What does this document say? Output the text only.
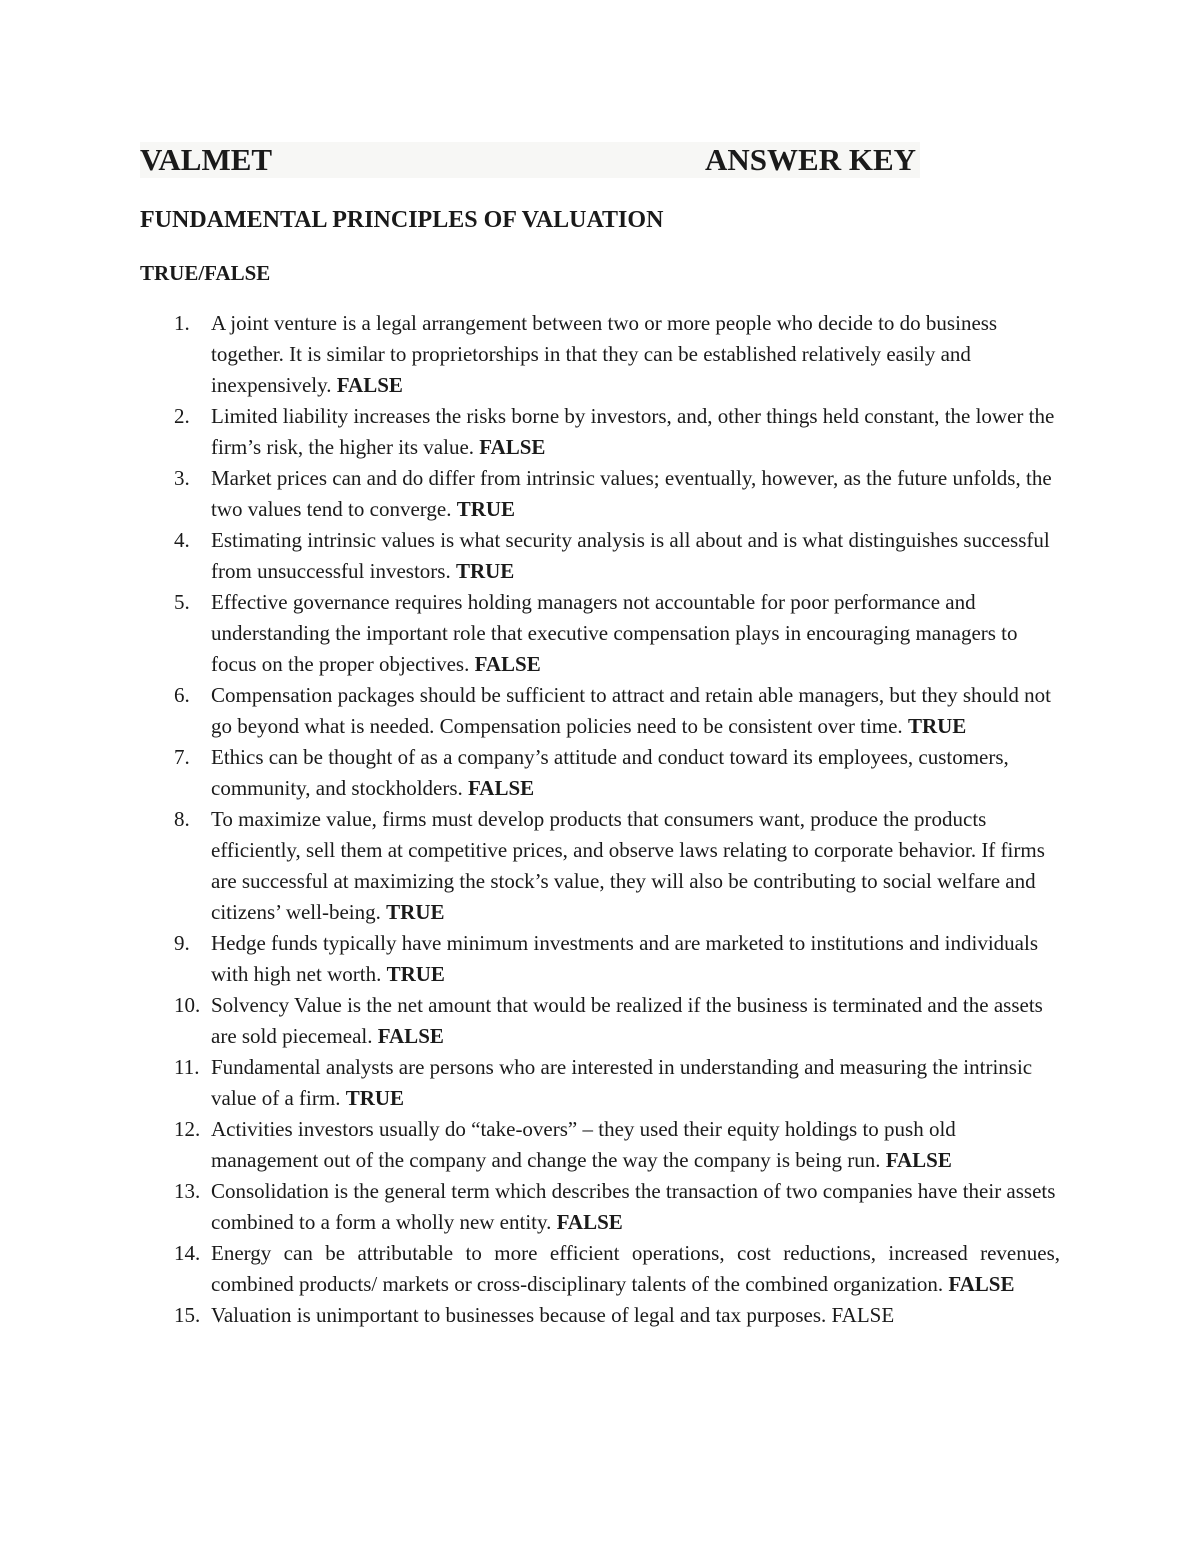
VALMET	ANSWER KEY
FUNDAMENTAL PRINCIPLES OF VALUATION
TRUE/FALSE
1.	A joint venture is a legal arrangement between two or more people who decide to do business together. It is similar to proprietorships in that they can be established relatively easily and inexpensively. FALSE
2.	Limited liability increases the risks borne by investors, and, other things held constant, the lower the firm’s risk, the higher its value. FALSE
3.	Market prices can and do differ from intrinsic values; eventually, however, as the future unfolds, the two values tend to converge. TRUE
4.	Estimating intrinsic values is what security analysis is all about and is what distinguishes successful from unsuccessful investors. TRUE
5.	Effective governance requires holding managers not accountable for poor performance and understanding the important role that executive compensation plays in encouraging managers to focus on the proper objectives. FALSE
6.	Compensation packages should be sufficient to attract and retain able managers, but they should not go beyond what is needed. Compensation policies need to be consistent over time. TRUE
7.	Ethics can be thought of as a company’s attitude and conduct toward its employees, customers, community, and stockholders. FALSE
8.	To maximize value, firms must develop products that consumers want, produce the products efficiently, sell them at competitive prices, and observe laws relating to corporate behavior. If firms are successful at maximizing the stock’s value, they will also be contributing to social welfare and citizens’ well-being. TRUE
9.	Hedge funds typically have minimum investments and are marketed to institutions and individuals with high net worth. TRUE
10. Solvency Value is the net amount that would be realized if the business is terminated and the assets are sold piecemeal. FALSE
11. Fundamental analysts are persons who are interested in understanding and measuring the intrinsic value of a firm. TRUE
12. Activities investors usually do “take-overs” – they used their equity holdings to push old management out of the company and change the way the company is being run. FALSE
13. Consolidation is the general term which describes the transaction of two companies have their assets combined to a form a wholly new entity. FALSE
14. Energy can be attributable to more efficient operations, cost reductions, increased revenues, combined products/ markets or cross-disciplinary talents of the combined organization. FALSE
15. Valuation is unimportant to businesses because of legal and tax purposes. FALSE
